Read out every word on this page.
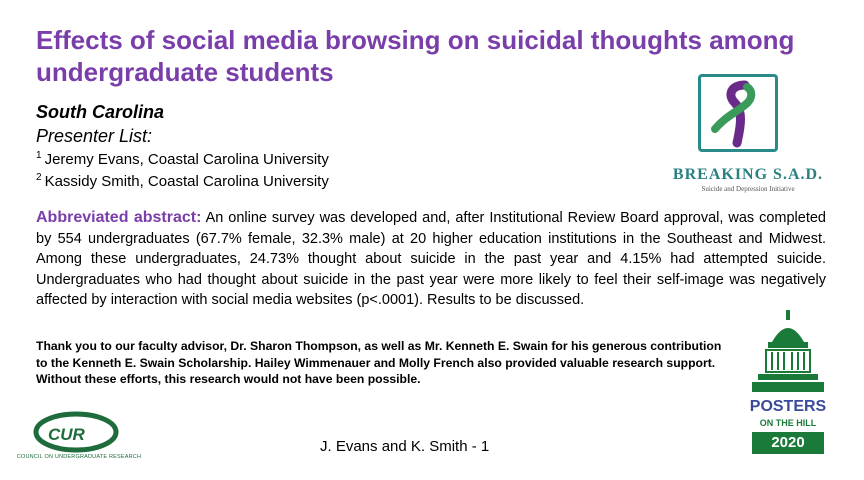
Effects of social media browsing on suicidal thoughts among undergraduate students
South Carolina
Presenter List:
$^1$ Jeremy Evans, Coastal Carolina University
$^2$ Kassidy Smith, Coastal Carolina University	BREAKING S.A.D.
Suicide and Depression Initiative
Abbreviated abstract: An online survey was developed and, after Institutional Review Board approval, was completed by 554 undergraduates (67.7% female, 32.3% male) at 20 higher education institutions in the Southeast and Midwest. Among these undergraduates, 24.73% thought about suicide in the past year and 4.15% had attempted suicide. Undergraduates who had thought about suicide in the past year were more likely to feel their self-image was negatively affected by interaction with social media websites (p<.0001). Results to be discussed.
Thank you to our faculty advisor, Dr. Sharon Thompson, as well as Mr. Kenneth E. Swain for his generous contribution to the Kenneth E. Swain Scholarship. Hailey Wimmenauer and Molly French also provided valuable research support. Without these efforts, this research would not have been possible.
CUR
COUNCIL ON UNDERGRADUATE RESEARCH
J. Evans and K. Smith - 1
POSTERS
ON THE HILL
2020
